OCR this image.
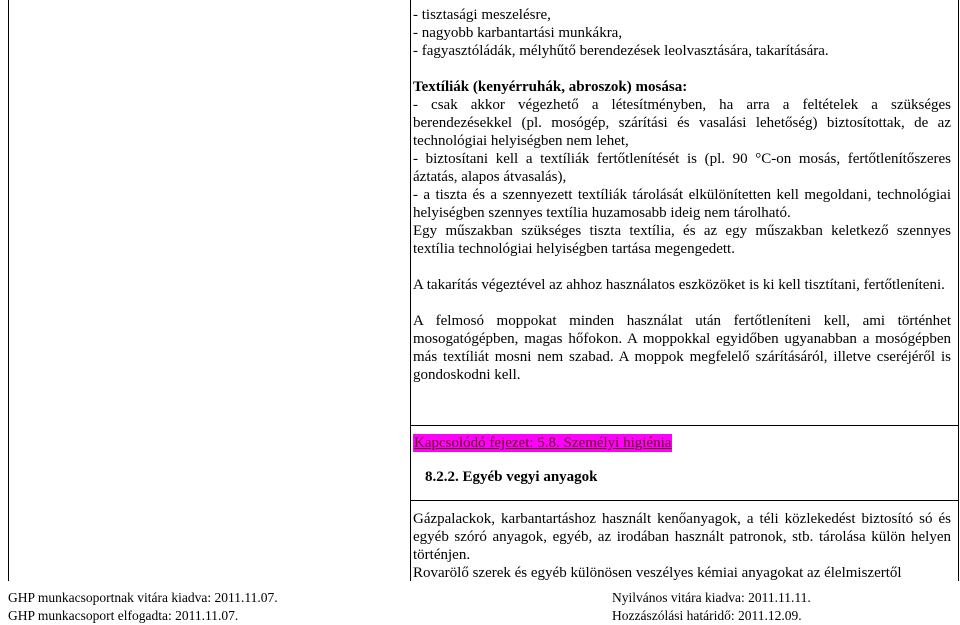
- tisztasági meszelésre,

- nagyobb karbantartási munkákra,

- fagyasztóládák, mélyhűtő berendezések leolvasztására, takarítására.

Textíliák (kenyérruhák, abroszok) mosása:

- csak akkor végezhető a létesítményben, ha arra a feltételek a szükséges berendezésekkel (pl. mosógép, szárítási és vasalási lehetőség) biztosítottak, de az technológiai helyiségben nem lehet,

- biztosítani kell a textíliák fertőtlenítését is (pl. 90 °C-on mosás, fertőtlenítőszeres áztatás, alapos átvasalás),

- a tiszta és a szennyezett textíliák tárolását elkülönítetten kell megoldani, technológiai helyiségben szennyes textília huzamosabb ideig nem tárolható.

Egy műszakban szükséges tiszta textília, és az egy műszakban keletkező szennyes textília technológiai helyiségben tartása megengedett.

A takarítás végeztével az ahhoz használatos eszközöket is ki kell tisztítani, fertőtleníteni.

A felmosó moppokat minden használat után fertőtleníteni kell, ami történhet mosogatógépben, magas hőfokon. A moppokkal egyidőben ugyanabban a mosógépben más textíliát mosni nem szabad. A moppok megfelelő szárításáról, illetve cseréjéről is gondoskodni kell.

Kapcsolódó fejezet: 5.8. Személyi higiénia

8.2.2. Egyéb vegyi anyagok

Gázpalackok, karbantartáshoz használt kenőanyagok, a téli közlekedést biztosító só és egyéb szóró anyagok, egyéb, az irodában használt patronok, stb. tárolása külön helyen történjen.

Rovarölő szerek és egyéb különösen veszélyes kémiai anyagokat az élelmiszertől

GHP munkacsoportnak vitára kiadva: 2011.11.07.	Nyilvános vitára kiadva: 2011.11.11.
GHP munkacsoport elfogadta: 2011.11.07.	Hozzászólási határidő: 2011.12.09.
